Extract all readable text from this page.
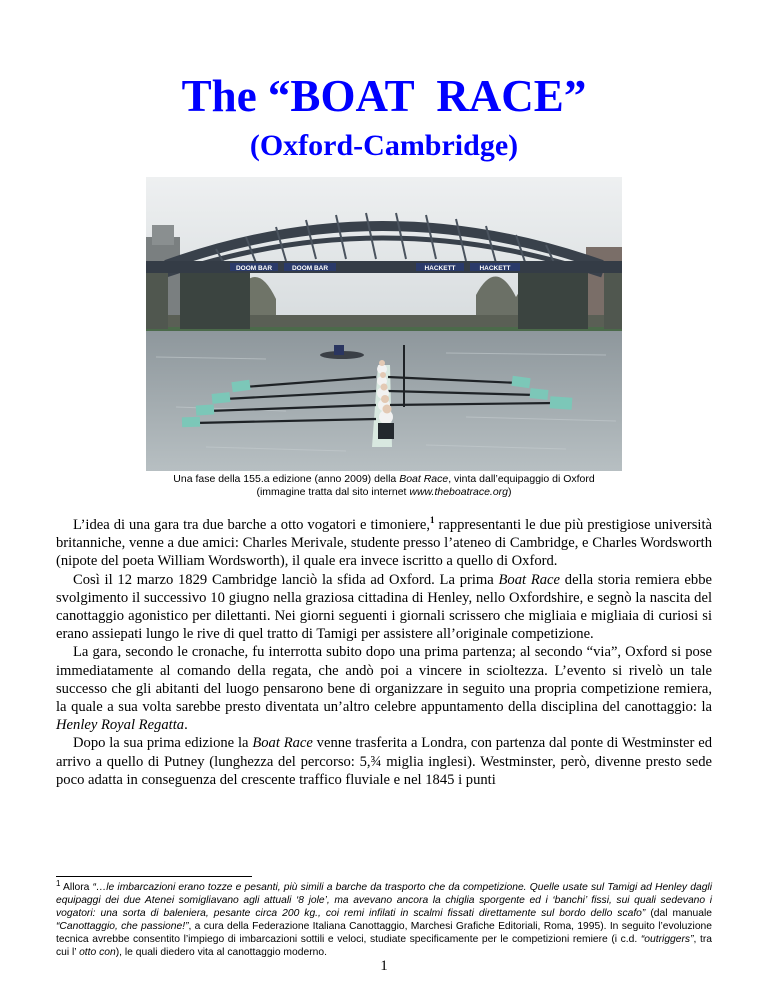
The “BOAT  RACE”
(Oxford-Cambridge)
DOOM BAR	DOOM BAR	HACKETT	HACKETT
Una fase della 155.a edizione (anno 2009) della Boat Race, vinta dall’equipaggio di Oxford
(immagine tratta dal sito internet www.theboatrace.org)

L’idea di una gara tra due barche a otto vogatori e timoniere,$^1$ rappresentanti le due più prestigiose università britanniche, venne a due amici: Charles Merivale, studente presso l’ateneo di Cambridge, e Charles Wordsworth (nipote del poeta William Wordsworth), il quale era invece iscritto a quello di Oxford.

Così il 12 marzo 1829 Cambridge lanciò la sfida ad Oxford. La prima Boat Race della storia remiera ebbe svolgimento il successivo 10 giugno nella graziosa cittadina di Henley, nello Oxfordshire, e segnò la nascita del canottaggio agonistico per dilettanti. Nei giorni seguenti i giornali scrissero che migliaia e migliaia di curiosi si erano assiepati lungo le rive di quel tratto di Tamigi per assistere all’originale competizione.

La gara, secondo le cronache, fu interrotta subito dopo una prima partenza; al secondo “via”, Oxford si pose immediatamente al comando della regata, che andò poi a vincere in scioltezza. L’evento si rivelò un tale successo che gli abitanti del luogo pensarono bene di organizzare in seguito una propria competizione remiera, la quale a sua volta sarebbe presto diventata un’altro celebre appuntamento della disciplina del canottaggio: la Henley Royal Regatta.

Dopo la sua prima edizione la Boat Race venne trasferita a Londra, con partenza dal ponte di Westminster ed arrivo a quello di Putney (lunghezza del percorso: 5,¾ miglia inglesi). Westminster, però, divenne presto sede poco adatta in conseguenza del crescente traffico fluviale e nel 1845 i punti

$^1$ Allora “…le imbarcazioni erano tozze e pesanti, più simili a barche da trasporto che da competizione. Quelle usate sul Tamigi ad Henley dagli equipaggi dei due Atenei somigliavano agli attuali ‘8 jole’, ma avevano ancora la chiglia sporgente ed i ‘banchi’ fissi, sui quali sedevano i vogatori: una sorta di baleniera, pesante circa 200 kg., coi remi infilati in scalmi fissati direttamente sul bordo dello scafo” (dal manuale “Canottaggio, che passione!”, a cura della Federazione Italiana Canottaggio, Marchesi Grafiche Editoriali, Roma, 1995). In seguito l’evoluzione tecnica avrebbe consentito l’impiego di imbarcazioni sottili e veloci, studiate specificamente per le competizioni remiere (i c.d. “outriggers”, tra cui l’ otto con), le quali diedero vita al canottaggio moderno.
1
